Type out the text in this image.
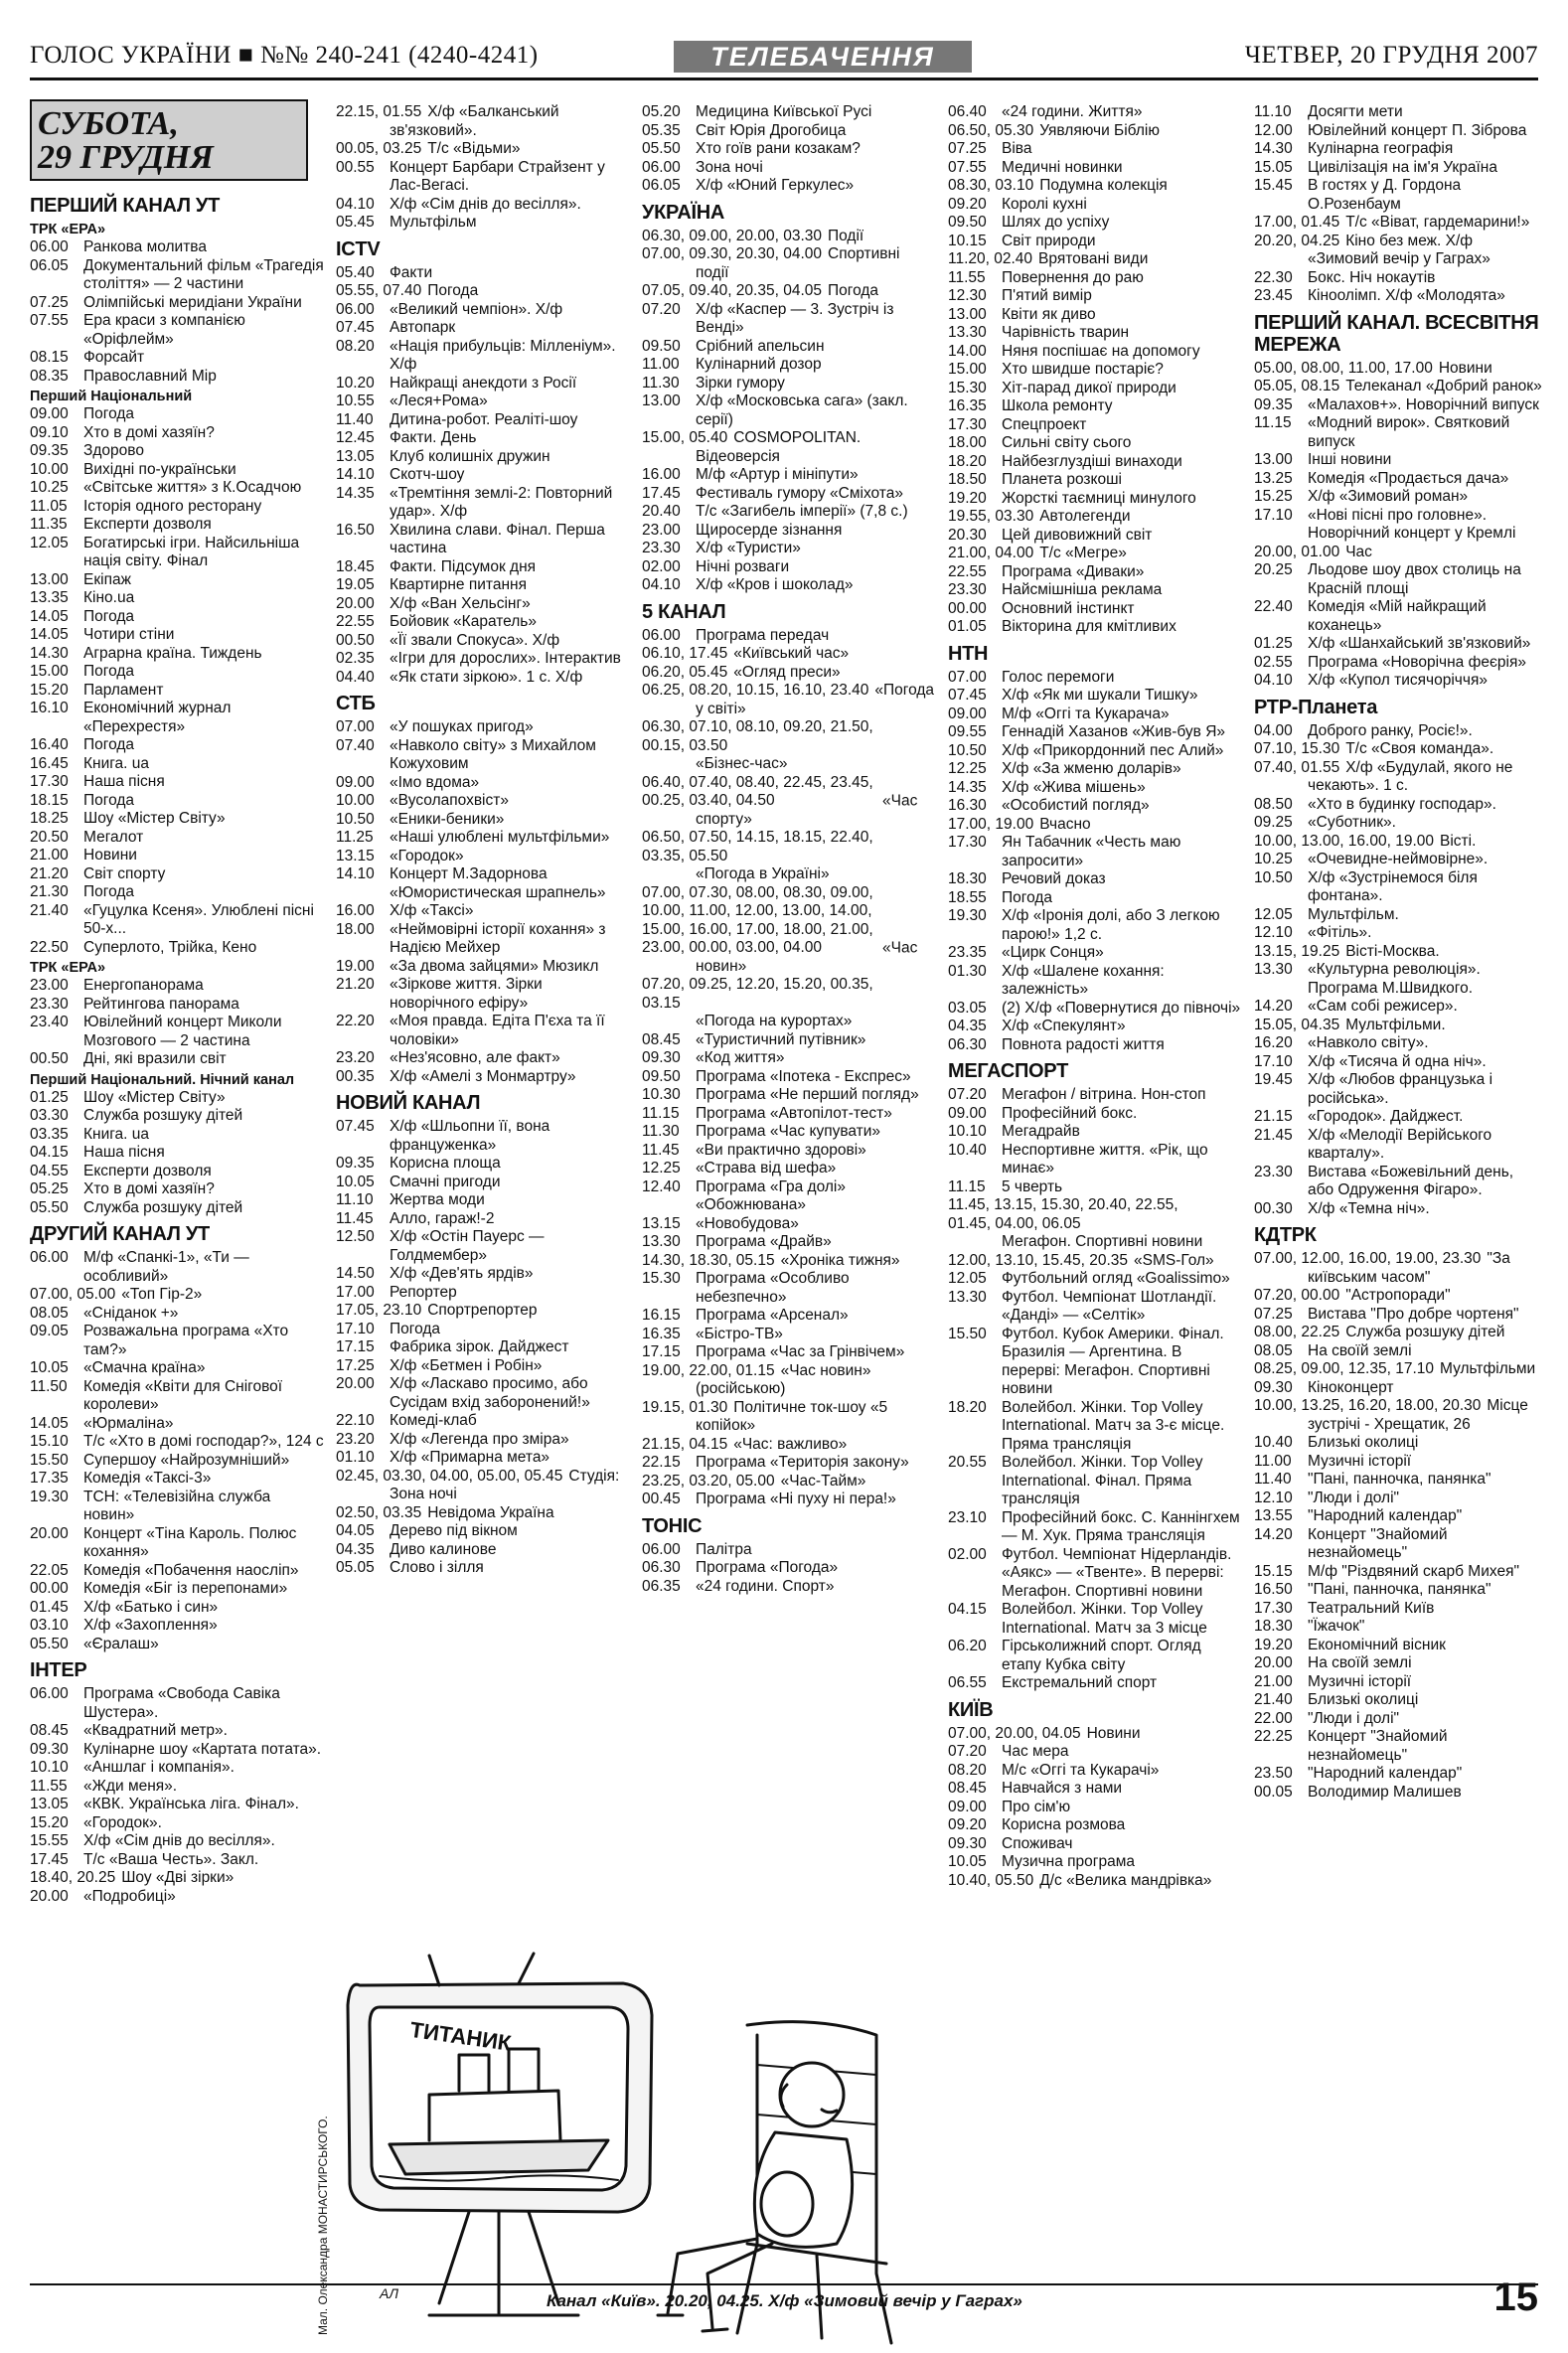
ГОЛОС УКРАЇНИ ■ №№ 240-241 (4240-4241)	ТЕЛЕБАЧЕННЯ	ЧЕТВЕР, 20 ГРУДНЯ 2007
СУБОТА,
29 ГРУДНЯ
ПЕРШИЙ КАНАЛ УТ
ТРК «ЕРА»
06.00 Ранкова молитва
06.05 Документальний фільм «Трагедія століття» — 2 частини
07.25 Олімпійські меридіани України
07.55 Ера краси з компанією «Оріфлейм»
08.15 Форсайт
08.35 Православний Мір
Перший Національний
09.00 Погода
09.10 Хто в домі хазяїн?
09.35 Здорово
10.00 Вихідні по-українськи
10.25 «Світське життя» з К.Осадчою
11.05 Історія одного ресторану
11.35 Експерти дозволя
12.05 Богатирські ігри. Найсильніша нація світу. Фінал
13.00 Екіпаж
13.35 Кіно.ua
14.05 Погода
14.05 Чотири стіни
14.30 Аграрна країна. Тиждень
15.00 Погода
15.20 Парламент
16.10 Економічний журнал «Перехрестя»
16.40 Погода
16.45 Книга. ua
17.30 Наша пісня
18.15 Погода
18.25 Шоу «Містер Світу»
20.50 Мегалот
21.00 Новини
21.20 Світ спорту
21.30 Погода
21.40 «Гуцулка Ксеня». Улюблені пісні 50-х...
22.50 Суперлото, Трійка, Кено
ТРК «ЕРА»
23.00 Енергопанорама
23.30 Рейтингова панорама
23.40 Ювілейний концерт Миколи Мозгового — 2 частина
00.50 Дні, які вразили світ
Перший Національний. Нічний канал
01.25 Шоу «Містер Світу»
03.30 Служба розшуку дітей
03.35 Книга. ua
04.15 Наша пісня
04.55 Експерти дозволя
05.25 Хто в домі хазяїн?
05.50 Служба розшуку дітей
ДРУГИЙ КАНАЛ УТ
06.00 М/ф «Спанкі-1», «Ти — особливий»
07.00, 05.00 «Топ Гір-2»
08.05 «Сніданок +»
09.05 Розважальна програма «Хто там?»
10.05 «Смачна країна»
11.50 Комедія «Квіти для Снігової королеви»
14.05 «Юрмаліна»
15.10 Т/с «Хто в домі господар?», 124 с
15.50 Супершоу «Найрозумніший»
17.35 Комедія «Таксі-3»
19.30 ТСН: «Телевізійна служба новин»
20.00 Концерт «Тіна Кароль. Полюс кохання»
22.05 Комедія «Побачення наосліп»
00.00 Комедія «Біг із перепонами»
01.45 Х/ф «Батько і син»
03.10 Х/ф «Захоплення»
05.50 «Єралаш»
ІНТЕР
06.00 Програма «Свобода Савіка Шустера».
08.45 «Квадратний метр».
09.30 Кулінарне шоу «Картата потата».
10.10 «Аншлаг і компанія».
11.55 «Жди меня».
13.05 «КВК. Українська ліга. Фінал».
15.20 «Городок».
15.55 Х/ф «Сім днів до весілля».
17.45 Т/с «Ваша Честь». Закл.
18.40, 20.25 Шоу «Дві зірки»
20.00 «Подробиці»
22.15, 01.55 Х/ф «Балканський зв'язковий».
00.05, 03.25 Т/с «Відьми»
00.55 Концерт Барбари Страйзент у Лас-Вегасі.
04.10 Х/ф «Сім днів до весілля».
05.45 Мультфільм
ICTV
05.40 Факти
05.55, 07.40 Погода
06.00 «Великий чемпіон». Х/ф
07.45 Автопарк
08.20 «Нація прибульців: Мілленіум». Х/ф
10.20 Найкращі анекдоти з Росії
10.55 «Леся+Рома»
11.40 Дитина-робот. Реаліті-шоу
12.45 Факти. День
13.05 Клуб колишніх дружин
14.10 Скотч-шоу
14.35 «Тремтіння землі-2: Повторний удар». Х/ф
16.50 Хвилина слави. Фінал. Перша частина
18.45 Факти. Підсумок дня
19.05 Квартирне питання
20.00 Х/ф «Ван Хельсінг»
22.55 Бойовик «Каратель»
00.50 «Її звали Спокуса». Х/ф
02.35 «Ігри для дорослих». Інтерактив
04.40 «Як стати зіркою». 1 с. Х/ф
СТБ
07.00 «У пошуках пригод»
07.40 «Навколо світу» з Михайлом Кожуховим
09.00 «Імо вдома»
10.00 «Вусолапохвіст»
10.50 «Еники-беники»
11.25 «Наші улюблені мультфільми»
13.15 «Городок»
14.10 Концерт М.Задорнова «Юмористическая шрапнель»
16.00 Х/ф «Таксі»
18.00 «Неймовірні історії кохання» з Надією Мейхер
19.00 «За двома зайцями» Мюзикл
21.20 «Зіркове життя. Зірки новорічного ефіру»
22.20 «Моя правда. Едіта П'єха та її чоловіки»
23.20 «Нез'ясовно, але факт»
00.35 Х/ф «Амелі з Монмартру»
НОВИЙ КАНАЛ
07.45 Х/ф «Шльопни її, вона француженка»
09.35 Корисна площа
10.05 Смачні пригоди
11.10 Жертва моди
11.45 Алло, гараж!-2
12.50 Х/ф «Остін Пауерс — Голдмембер»
14.50 Х/ф «Дев'ять ярдів»
17.00 Репортер
17.05, 23.10 Спортрепортер
17.10 Погода
17.15 Фабрика зірок. Дайджест
17.25 Х/ф «Бетмен і Робін»
20.00 Х/ф «Ласкаво просимо, або Сусідам вхід заборонений!»
22.10 Комеді-клаб
23.20 Х/ф «Легенда про зміра»
01.10 Х/ф «Примарна мета»
02.45, 03.30, 04.00, 05.00, 05.45 Студія: Зона ночі
02.50, 03.35 Невідома Україна
04.05 Дерево під вікном
04.35 Диво калинове
05.05 Слово і зілля
05.20 Медицина Київської Русі
05.35 Світ Юрія Дрогобица
05.50 Хто гоїв рани козакам?
06.00 Зона ночі
06.05 Х/ф «Юний Геркулес»
УКРАЇНА
06.30, 09.00, 20.00, 03.30 Події
07.00, 09.30, 20.30, 04.00 Спортивні події
07.05, 09.40, 20.35, 04.05 Погода
07.20 Х/ф «Каспер — 3. Зустріч із Венді»
09.50 Срібний апельсин
11.00 Кулінарний дозор
11.30 Зірки гумору
13.00 Х/ф «Московська сага» (закл. серії)
15.00, 05.40 COSMOPOLITAN. Відеоверсія
16.00 М/ф «Артур і мініпути»
17.45 Фестиваль гумору «Сміхота»
20.40 Т/с «Загибель імперії» (7,8 с.)
23.00 Щиросерде зізнання
23.30 Х/ф «Туристи»
02.00 Нічні розваги
04.10 Х/ф «Кров і шоколад»
5 КАНАЛ
06.00 Програма передач
06.10, 17.45 «Київський час»
06.20, 05.45 «Огляд преси»
06.25, 08.20, 10.15, 16.10, 23.40 «Погода у світі»
06.30, 07.10, 08.10, 09.20, 21.50, 00.15, 03.50«Бізнес-час»
06.40, 07.40, 08.40, 22.45, 23.45, 00.25, 03.40, 04.50	«Час спорту»
06.50, 07.50, 14.15, 18.15, 22.40, 03.35, 05.50«Погода в Україні»
07.00, 07.30, 08.00, 08.30, 09.00, 10.00, 11.00, 12.00, 13.00, 14.00, 15.00, 16.00, 17.00, 18.00, 21.00, 23.00, 00.00, 03.00, 04.00	«Час новин»
07.20, 09.25, 12.20, 15.20, 00.35, 03.15«Погода на курортах»
08.45 «Туристичний путівник»
09.30 «Код життя»
09.50 Програма «Іпотека - Експрес»
10.30 Програма «Не перший погляд»
11.15 Програма «Автопілот-тест»
11.30 Програма «Час купувати»
11.45 «Ви практично здорові»
12.25 «Страва від шефа»
12.40 Програма «Гра долі» «Обожнювана»
13.15 «Новобудова»
13.30 Програма «Драйв»
14.30, 18.30, 05.15 «Хроніка тижня»
15.30 Програма «Особливо небезпечно»
16.15 Програма «Арсенал»
16.35 «Бістро-ТВ»
17.15 Програма «Час за Грінвічем»
19.00, 22.00, 01.15 «Час новин» (російською)
19.15, 01.30 Політичне ток-шоу «5 копійок»
21.15, 04.15 «Час: важливо»
22.15 Програма «Територія закону»
23.25, 03.20, 05.00 «Час-Тайм»
00.45 Програма «Ні пуху ні пера!»
ТОНІС
06.00 Палітра
06.30 Програма «Погода»
06.35 «24 години. Спорт»
06.40 «24 години. Життя»
06.50, 05.30 Уявляючи Біблію
07.25 Віва
07.55 Медичні новинки
08.30, 03.10 Подумна колекція
09.20 Королі кухні
09.50 Шлях до успіху
10.15 Світ природи
11.20, 02.40 Врятовані види
11.55 Повернення до раю
12.30 П'ятий вимір
13.00 Квіти як диво
13.30 Чарівність тварин
14.00 Няня поспішає на допомогу
15.00 Хто швидше постаріє?
15.30 Хіт-парад дикої природи
16.35 Школа ремонту
17.30 Спецпроект
18.00 Сильні світу сього
18.20 Найбезглуздіші винаходи
18.50 Планета розкоші
19.20 Жорсткі таємниці минулого
19.55, 03.30 Автолегенди
20.30 Цей дивовижний світ
21.00, 04.00 Т/с «Мегре»
22.55 Програма «Диваки»
23.30 Найсмішніша реклама
00.00 Основний інстинкт
01.05 Вікторина для кмітливих
НТН
07.00 Голос перемоги
07.45 Х/ф «Як ми шукали Тишку»
09.00 М/ф «Оггі та Кукарача»
09.55 Геннадій Хазанов «Жив-був Я»
10.50 Х/ф «Прикордонний пес Алий»
12.25 Х/ф «За жменю доларів»
14.35 Х/ф «Жива мішень»
16.30 «Особистий погляд»
17.00, 19.00 Вчасно
17.30 Ян Табачник «Честь маю запросити»
18.30 Речовий доказ
18.55 Погода
19.30 Х/ф «Іронія долі, або З легкою парою!» 1,2 с.
23.35 «Цирк Сонця»
01.30 Х/ф «Шалене кохання: залежність»
03.05 (2) Х/ф «Повернутися до півночі»
04.35 Х/ф «Спекулянт»
06.30 Повнота радості життя
МЕГАСПОРТ
07.20 Мегафон / вітрина. Нон-стоп
09.00 Професійний бокс.
10.10 Мегадрайв
10.40 Неспортивне життя. «Рік, що минає»
11.15 5 чверть
11.45, 13.15, 15.30, 20.40, 22.55, 01.45, 04.00, 06.05Мегафон. Спортивні новини
12.00, 13.10, 15.45, 20.35 «SMS-Гол»
12.05 Футбольний огляд «Goalissimo»
13.30 Футбол. Чемпіонат Шотландії. «Данді» — «Селтік»
15.50 Футбол. Кубок Америки. Фінал. Бразилія — Аргентина. В перерві: Мегафон. Спортивні новини
18.20 Волейбол. Жінки. Tор Volley International. Матч за 3-є місце. Пряма трансляція
20.55 Волейбол. Жінки. Tор Volley International. Фінал. Пряма трансляція
23.10 Професійний бокс. С. Каннінгхем — М. Хук. Пряма трансляція
02.00 Футбол. Чемпіонат Нідерландів. «Аякс» — «Твенте». В перерві: Мегафон. Спортивні новини
04.15 Волейбол. Жінки. Tор Volley International. Матч за 3 місце
06.20 Гірськолижний спорт. Огляд етапу Кубка світу
06.55 Екстремальний спорт
КИЇВ
07.00, 20.00, 04.05 Новини
07.20 Час мера
08.20 М/с «Оггі та Кукарачі»
08.45 Навчайся з нами
09.00 Про сім'ю
09.20 Корисна розмова
09.30 Споживач
10.05 Музична програма
10.40, 05.50 Д/с «Велика мандрівка»
11.10 Досягти мети
12.00 Ювілейний концерт П. Зіброва
14.30 Кулінарна географія
15.05 Цивілізація на ім'я Україна
15.45 В гостях у Д. Гордона О.Розенбаум
17.00, 01.45 Т/с «Віват, гардемарини!»
20.20, 04.25 Кіно без меж. Х/ф «Зимовий вечір у Гаграх»
22.30 Бокс. Ніч нокаутів
23.45 Кіноолімп. Х/ф «Молодята»
ПЕРШИЙ КАНАЛ. ВСЕСВІТНЯ МЕРЕЖА
05.00, 08.00, 11.00, 17.00 Новини
05.05, 08.15 Телеканал «Добрий ранок»
09.35 «Малахов+». Новорічний випуск
11.15 «Модний вирок». Святковий випуск
13.00 Інші новини
13.25 Комедія «Продається дача»
15.25 Х/ф «Зимовий роман»
17.10 «Нові пісні про головне». Новорічний концерт у Кремлі
20.00, 01.00 Час
20.25 Льодове шоу двох столиць на Красній площі
22.40 Комедія «Мій найкращий коханець»
01.25 Х/ф «Шанхайський зв'язковий»
02.55 Програма «Новорічна феєрія»
04.10 Х/ф «Купол тисячоріччя»
РТР-Планета
04.00 Доброго ранку, Росіє!».
07.10, 15.30 Т/с «Своя команда».
07.40, 01.55 Х/ф «Будулай, якого не чекають». 1 с.
08.50 «Хто в будинку господар».
09.25 «Суботник».
10.00, 13.00, 16.00, 19.00 Вісті.
10.25 «Очевидне-неймовірне».
10.50 Х/ф «Зустрінемося біля фонтана».
12.05 Мультфільм.
12.10 «Фітіль».
13.15, 19.25 Вісті-Москва.
13.30 «Культурна революція». Програма М.Швидкого.
14.20 «Сам собі режисер».
15.05, 04.35 Мультфільми.
16.20 «Навколо світу».
17.10 Х/ф «Тисяча й одна ніч».
19.45 Х/ф «Любов французька і російська».
21.15 «Городок». Дайджест.
21.45 Х/ф «Мелодії Верійського кварталу».
23.30 Вистава «Божевільний день, або Одруження Фігаро».
00.30 Х/ф «Темна ніч».
КДТРК
07.00, 12.00, 16.00, 19.00, 23.30 "За київським часом"
07.20, 00.00 "Астропоради"
07.25 Вистава "Про добре чортеня"
08.00, 22.25 Служба розшуку дітей
08.05 На своїй землі
08.25, 09.00, 12.35, 17.10 Мультфільми
09.30 Кіноконцерт
10.00, 13.25, 16.20, 18.00, 20.30 Місце зустрічі - Хрещатик, 26
10.40 Близькі околиці
11.00 Музичні історії
11.40 "Пані, панночка, панянка"
12.10 "Люди і долі"
13.55 "Народний календар"
14.20 Концерт "Знайомий незнайомець"
15.15 М/ф "Різдвяний скарб Михея"
16.50 "Пані, панночка, панянка"
17.30 Театральний Київ
18.30 "Їжачок"
19.20 Економічний вісник
20.00 На своїй землі
21.00 Музичні історії
21.40 Близькі околиці
22.00 "Люди і долі"
22.25 Концерт "Знайомий незнайомець"
23.50 "Народний календар"
00.05 Володимир Малишев
Мал. Олександра МОНАСТИРСЬКОГО.
ТИТАНИК
АЛ	Канал «Київ». 20.20, 04.25. Х/ф «Зимовий вечір у Гаграх»	15
